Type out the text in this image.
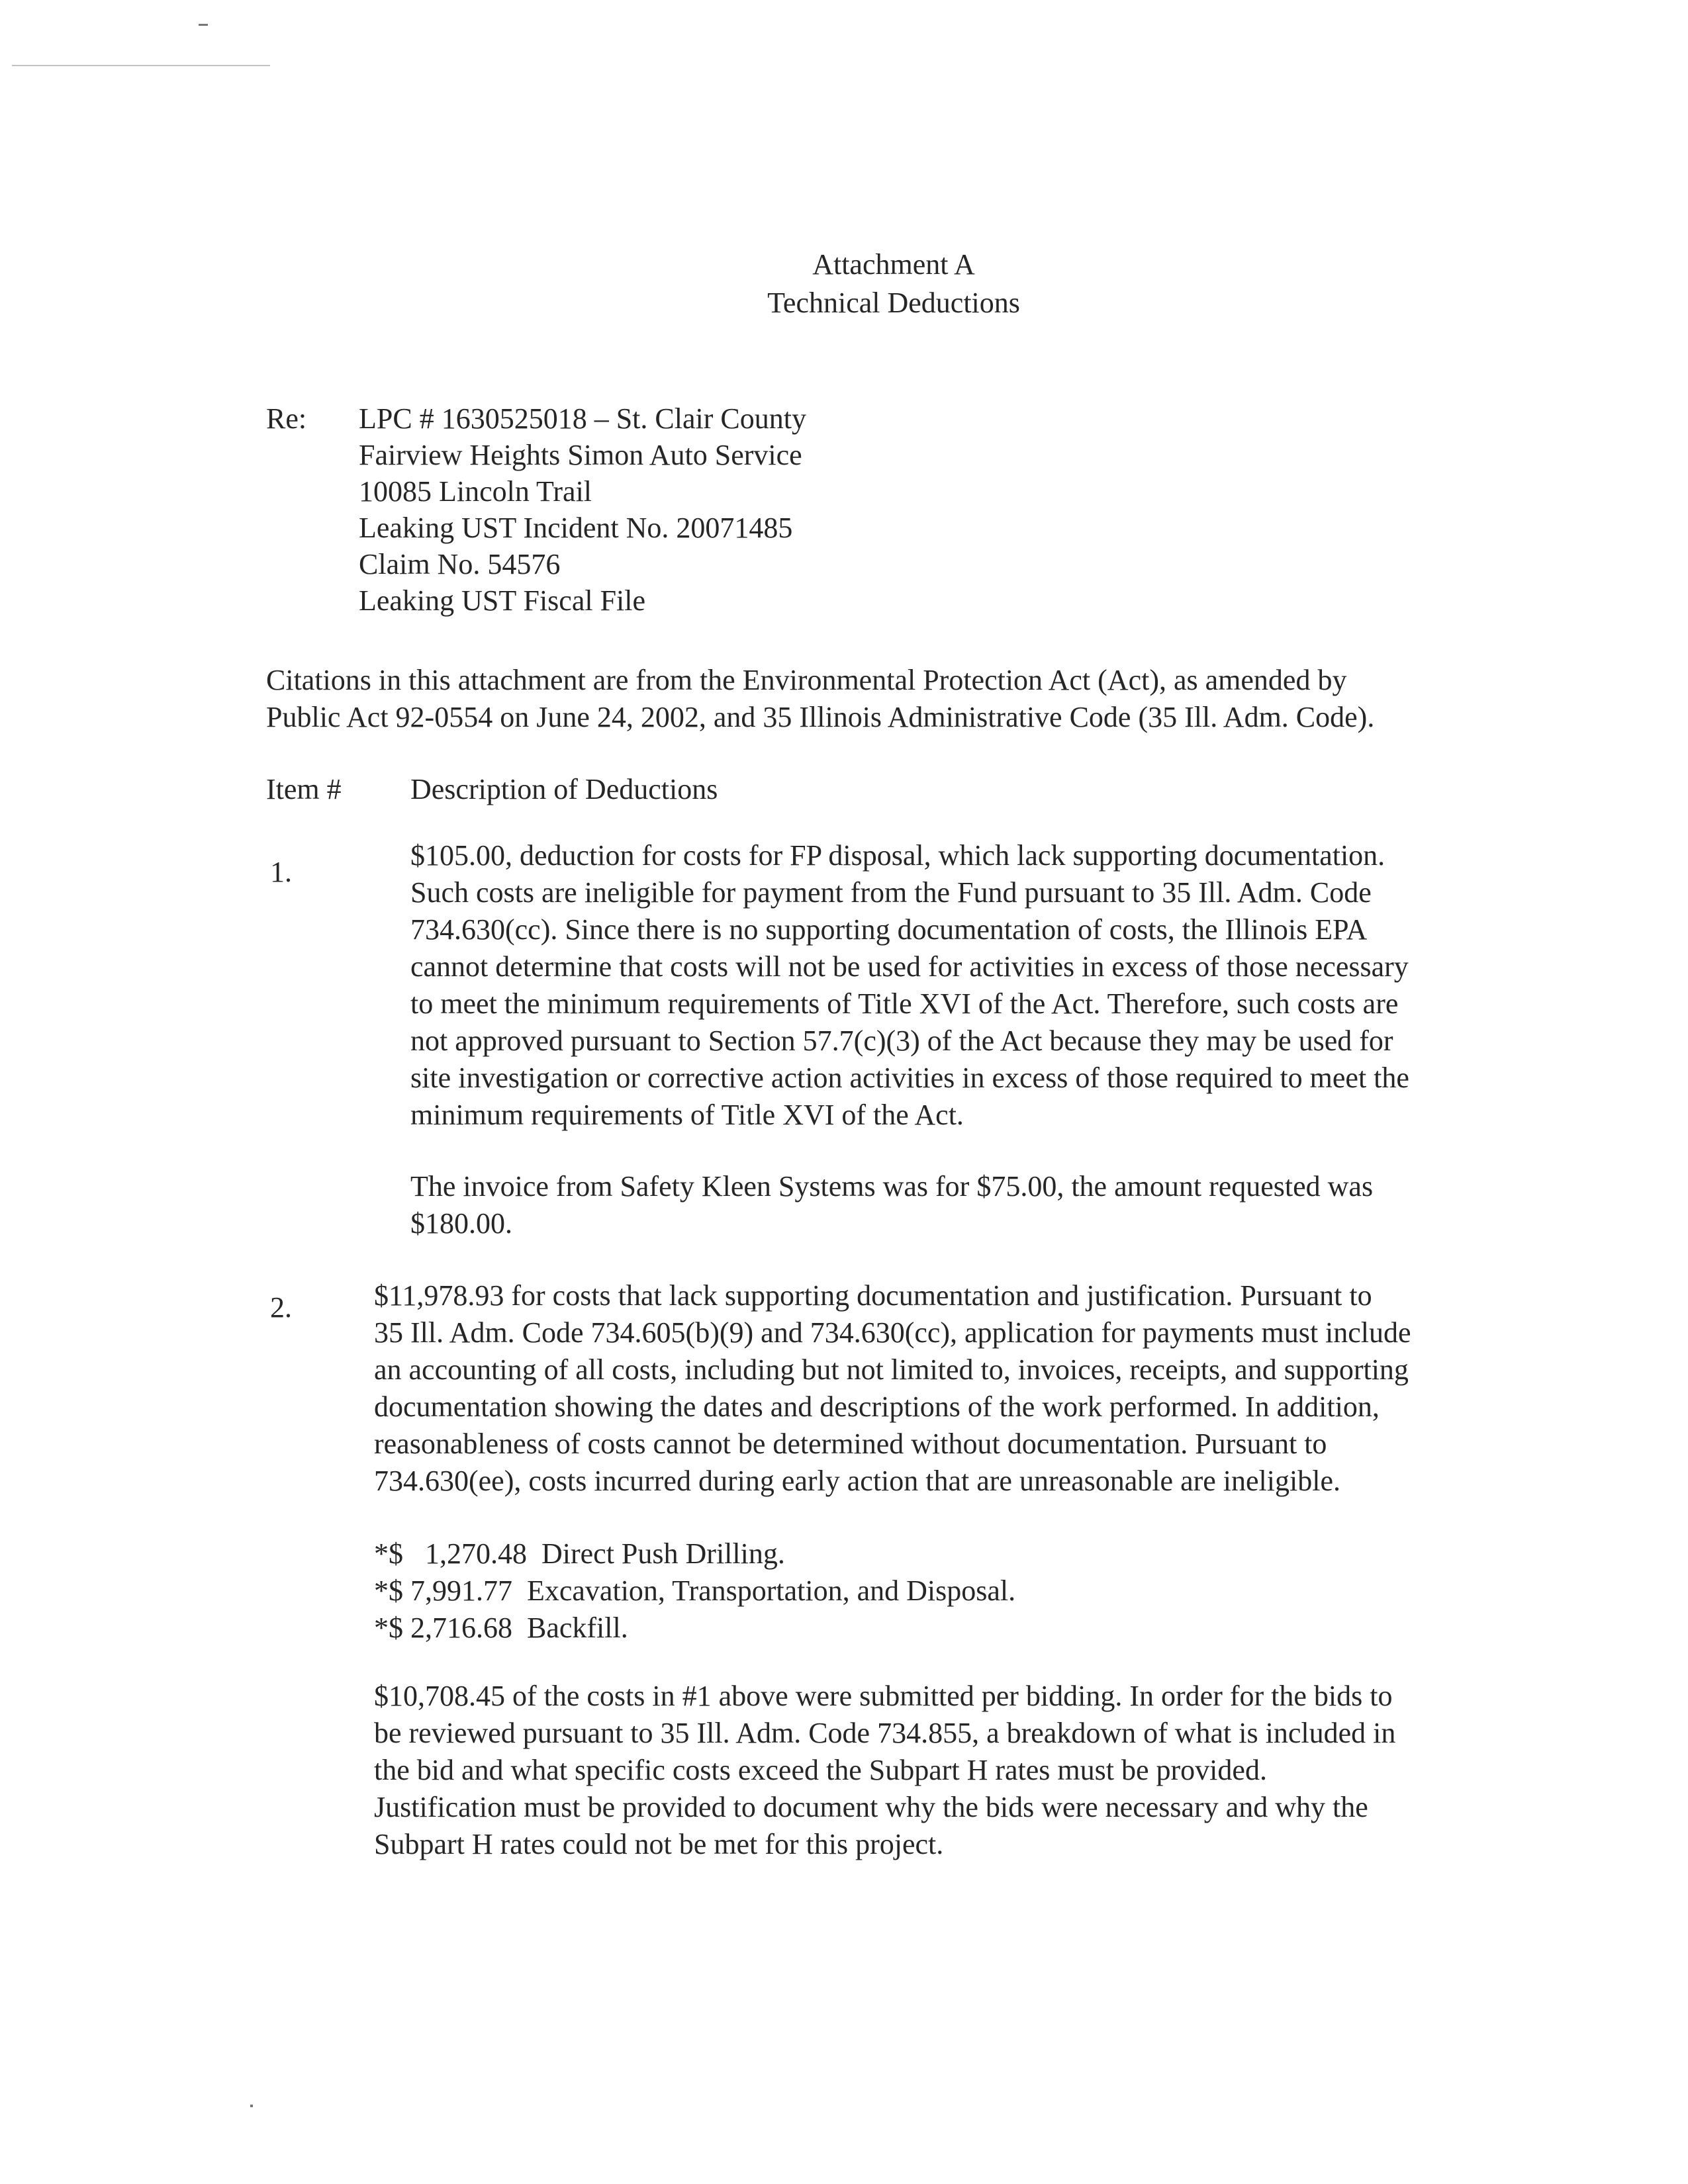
Attachment A
Technical Deductions
Re: LPC # 1630525018 – St. Clair County
Fairview Heights Simon Auto Service
10085 Lincoln Trail
Leaking UST Incident No. 20071485
Claim No. 54576
Leaking UST Fiscal File
Citations in this attachment are from the Environmental Protection Act (Act), as amended by
Public Act 92-0554 on June 24, 2002, and 35 Illinois Administrative Code (35 Ill. Adm. Code).
Item # Description of Deductions
1.
$105.00, deduction for costs for FP disposal, which lack supporting documentation.
Such costs are ineligible for payment from the Fund pursuant to 35 Ill. Adm. Code
734.630(cc). Since there is no supporting documentation of costs, the Illinois EPA
cannot determine that costs will not be used for activities in excess of those necessary
to meet the minimum requirements of Title XVI of the Act. Therefore, such costs are
not approved pursuant to Section 57.7(c)(3) of the Act because they may be used for
site investigation or corrective action activities in excess of those required to meet the
minimum requirements of Title XVI of the Act.
The invoice from Safety Kleen Systems was for $75.00, the amount requested was
$180.00.
2.	$11,978.93 for costs that lack supporting documentation and justification. Pursuant to
35 Ill. Adm. Code 734.605(b)(9) and 734.630(cc), application for payments must include
an accounting of all costs, including but not limited to, invoices, receipts, and supporting
documentation showing the dates and descriptions of the work performed. In addition,
reasonableness of costs cannot be determined without documentation. Pursuant to
734.630(ee), costs incurred during early action that are unreasonable are ineligible.
*$   1,270.48  Direct Push Drilling.
*$ 7,991.77  Excavation, Transportation, and Disposal.
*$ 2,716.68  Backfill.
$10,708.45 of the costs in #1 above were submitted per bidding. In order for the bids to
be reviewed pursuant to 35 Ill. Adm. Code 734.855, a breakdown of what is included in
the bid and what specific costs exceed the Subpart H rates must be provided.
Justification must be provided to document why the bids were necessary and why the
Subpart H rates could not be met for this project.
